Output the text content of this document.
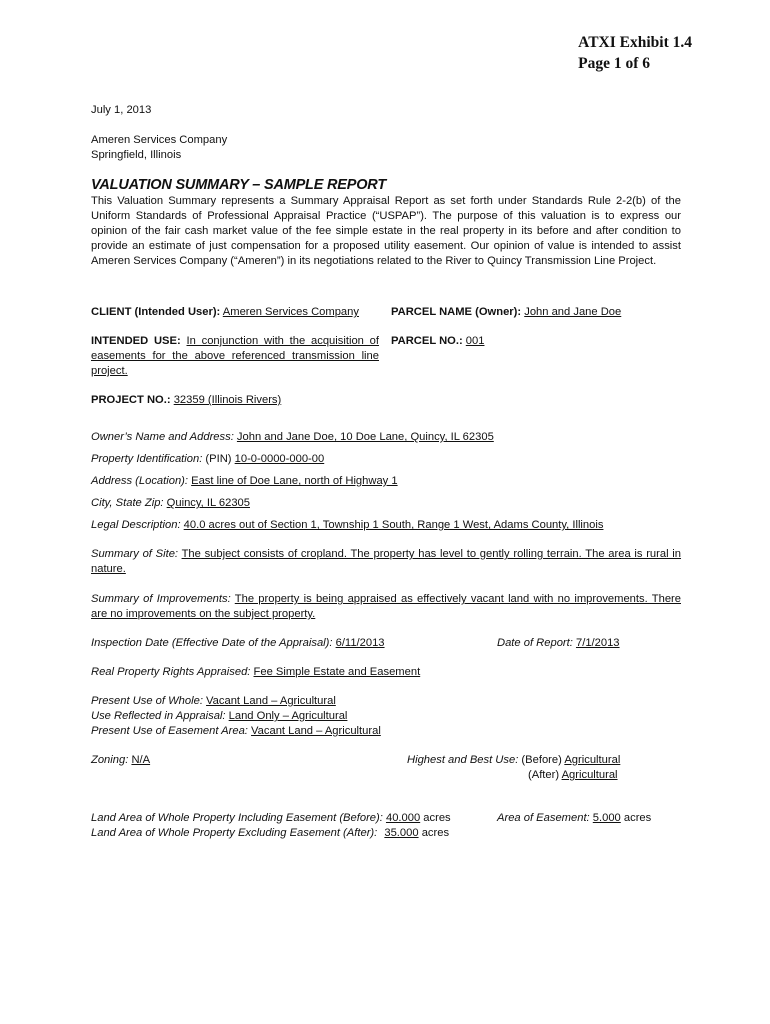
ATXI Exhibit 1.4
Page 1 of 6
July 1, 2013
Ameren Services Company
Springfield, Illinois
VALUATION SUMMARY – SAMPLE REPORT
This Valuation Summary represents a Summary Appraisal Report as set forth under Standards Rule 2-2(b) of the Uniform Standards of Professional Appraisal Practice (“USPAP”). The purpose of this valuation is to express our opinion of the fair cash market value of the fee simple estate in the real property in its before and after condition to provide an estimate of just compensation for a proposed utility easement. Our opinion of value is intended to assist Ameren Services Company (“Ameren”) in its negotiations related to the River to Quincy Transmission Line Project.
CLIENT (Intended User): Ameren Services Company	PARCEL NAME (Owner): John and Jane Doe
INTENDED USE: In conjunction with the acquisition of easements for the above referenced transmission line project.
PARCEL NO.: 001
PROJECT NO.: 32359 (Illinois Rivers)
Owner’s Name and Address: John and Jane Doe, 10 Doe Lane, Quincy, IL 62305
Property Identification: (PIN) 10-0-0000-000-00
Address (Location): East line of Doe Lane, north of Highway 1
City, State Zip: Quincy, IL 62305
Legal Description: 40.0 acres out of Section 1, Township 1 South, Range 1 West, Adams County, Illinois
Summary of Site: The subject consists of cropland. The property has level to gently rolling terrain. The area is rural in nature.
Summary of Improvements: The property is being appraised as effectively vacant land with no improvements. There are no improvements on the subject property.
Inspection Date (Effective Date of the Appraisal): 6/11/2013	Date of Report: 7/1/2013
Real Property Rights Appraised: Fee Simple Estate and Easement
Present Use of Whole: Vacant Land – Agricultural
Use Reflected in Appraisal: Land Only – Agricultural
Present Use of Easement Area: Vacant Land – Agricultural
Zoning: N/A	Highest and Best Use: (Before) Agricultural
(After) Agricultural
Land Area of Whole Property Including Easement (Before): 40.000 acres
Land Area of Whole Property Excluding Easement (After): 35.000 acres
Area of Easement: 5.000 acres
